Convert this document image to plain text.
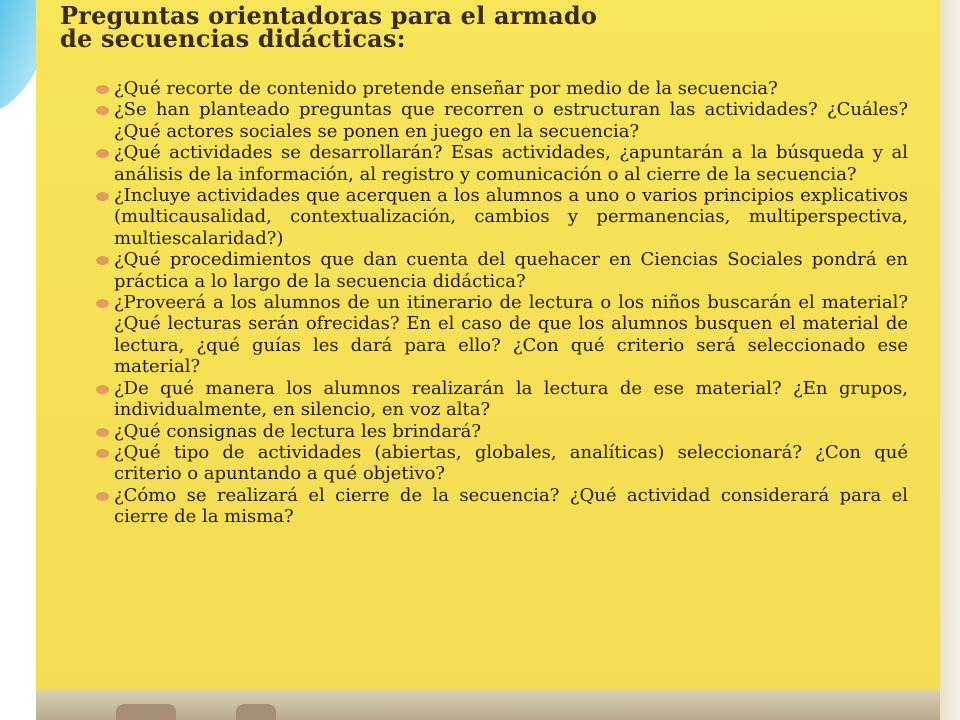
Preguntas orientadoras para el armado
de secuencias didácticas:
¿Qué recorte de contenido pretende enseñar por medio de la secuencia?
¿Se han planteado preguntas que recorren o estructuran las actividades? ¿Cuáles? ¿Qué actores sociales se ponen en juego en la secuencia?
¿Qué actividades se desarrollarán? Esas actividades, ¿apuntarán a la búsqueda y al análisis de la información, al registro y comunicación o al cierre de la secuencia?
¿Incluye actividades que acerquen a los alumnos a uno o varios principios explicativos (multicausalidad, contextualización, cambios y permanencias, multiperspectiva, multiescalaridad?)
¿Qué procedimientos que dan cuenta del quehacer en Ciencias Sociales pondrá en práctica a lo largo de la secuencia didáctica?
¿Proveerá a los alumnos de un itinerario de lectura o los niños buscarán el material? ¿Qué lecturas serán ofrecidas? En el caso de que los alumnos busquen el material de lectura, ¿qué guías les dará para ello? ¿Con qué criterio será seleccionado ese material?
¿De qué manera los alumnos realizarán la lectura de ese material? ¿En grupos, individualmente, en silencio, en voz alta?
¿Qué consignas de lectura les brindará?
¿Qué tipo de actividades (abiertas, globales, analíticas) seleccionará? ¿Con qué criterio o apuntando a qué objetivo?
¿Cómo se realizará el cierre de la secuencia? ¿Qué actividad considerará para el cierre de la misma?
